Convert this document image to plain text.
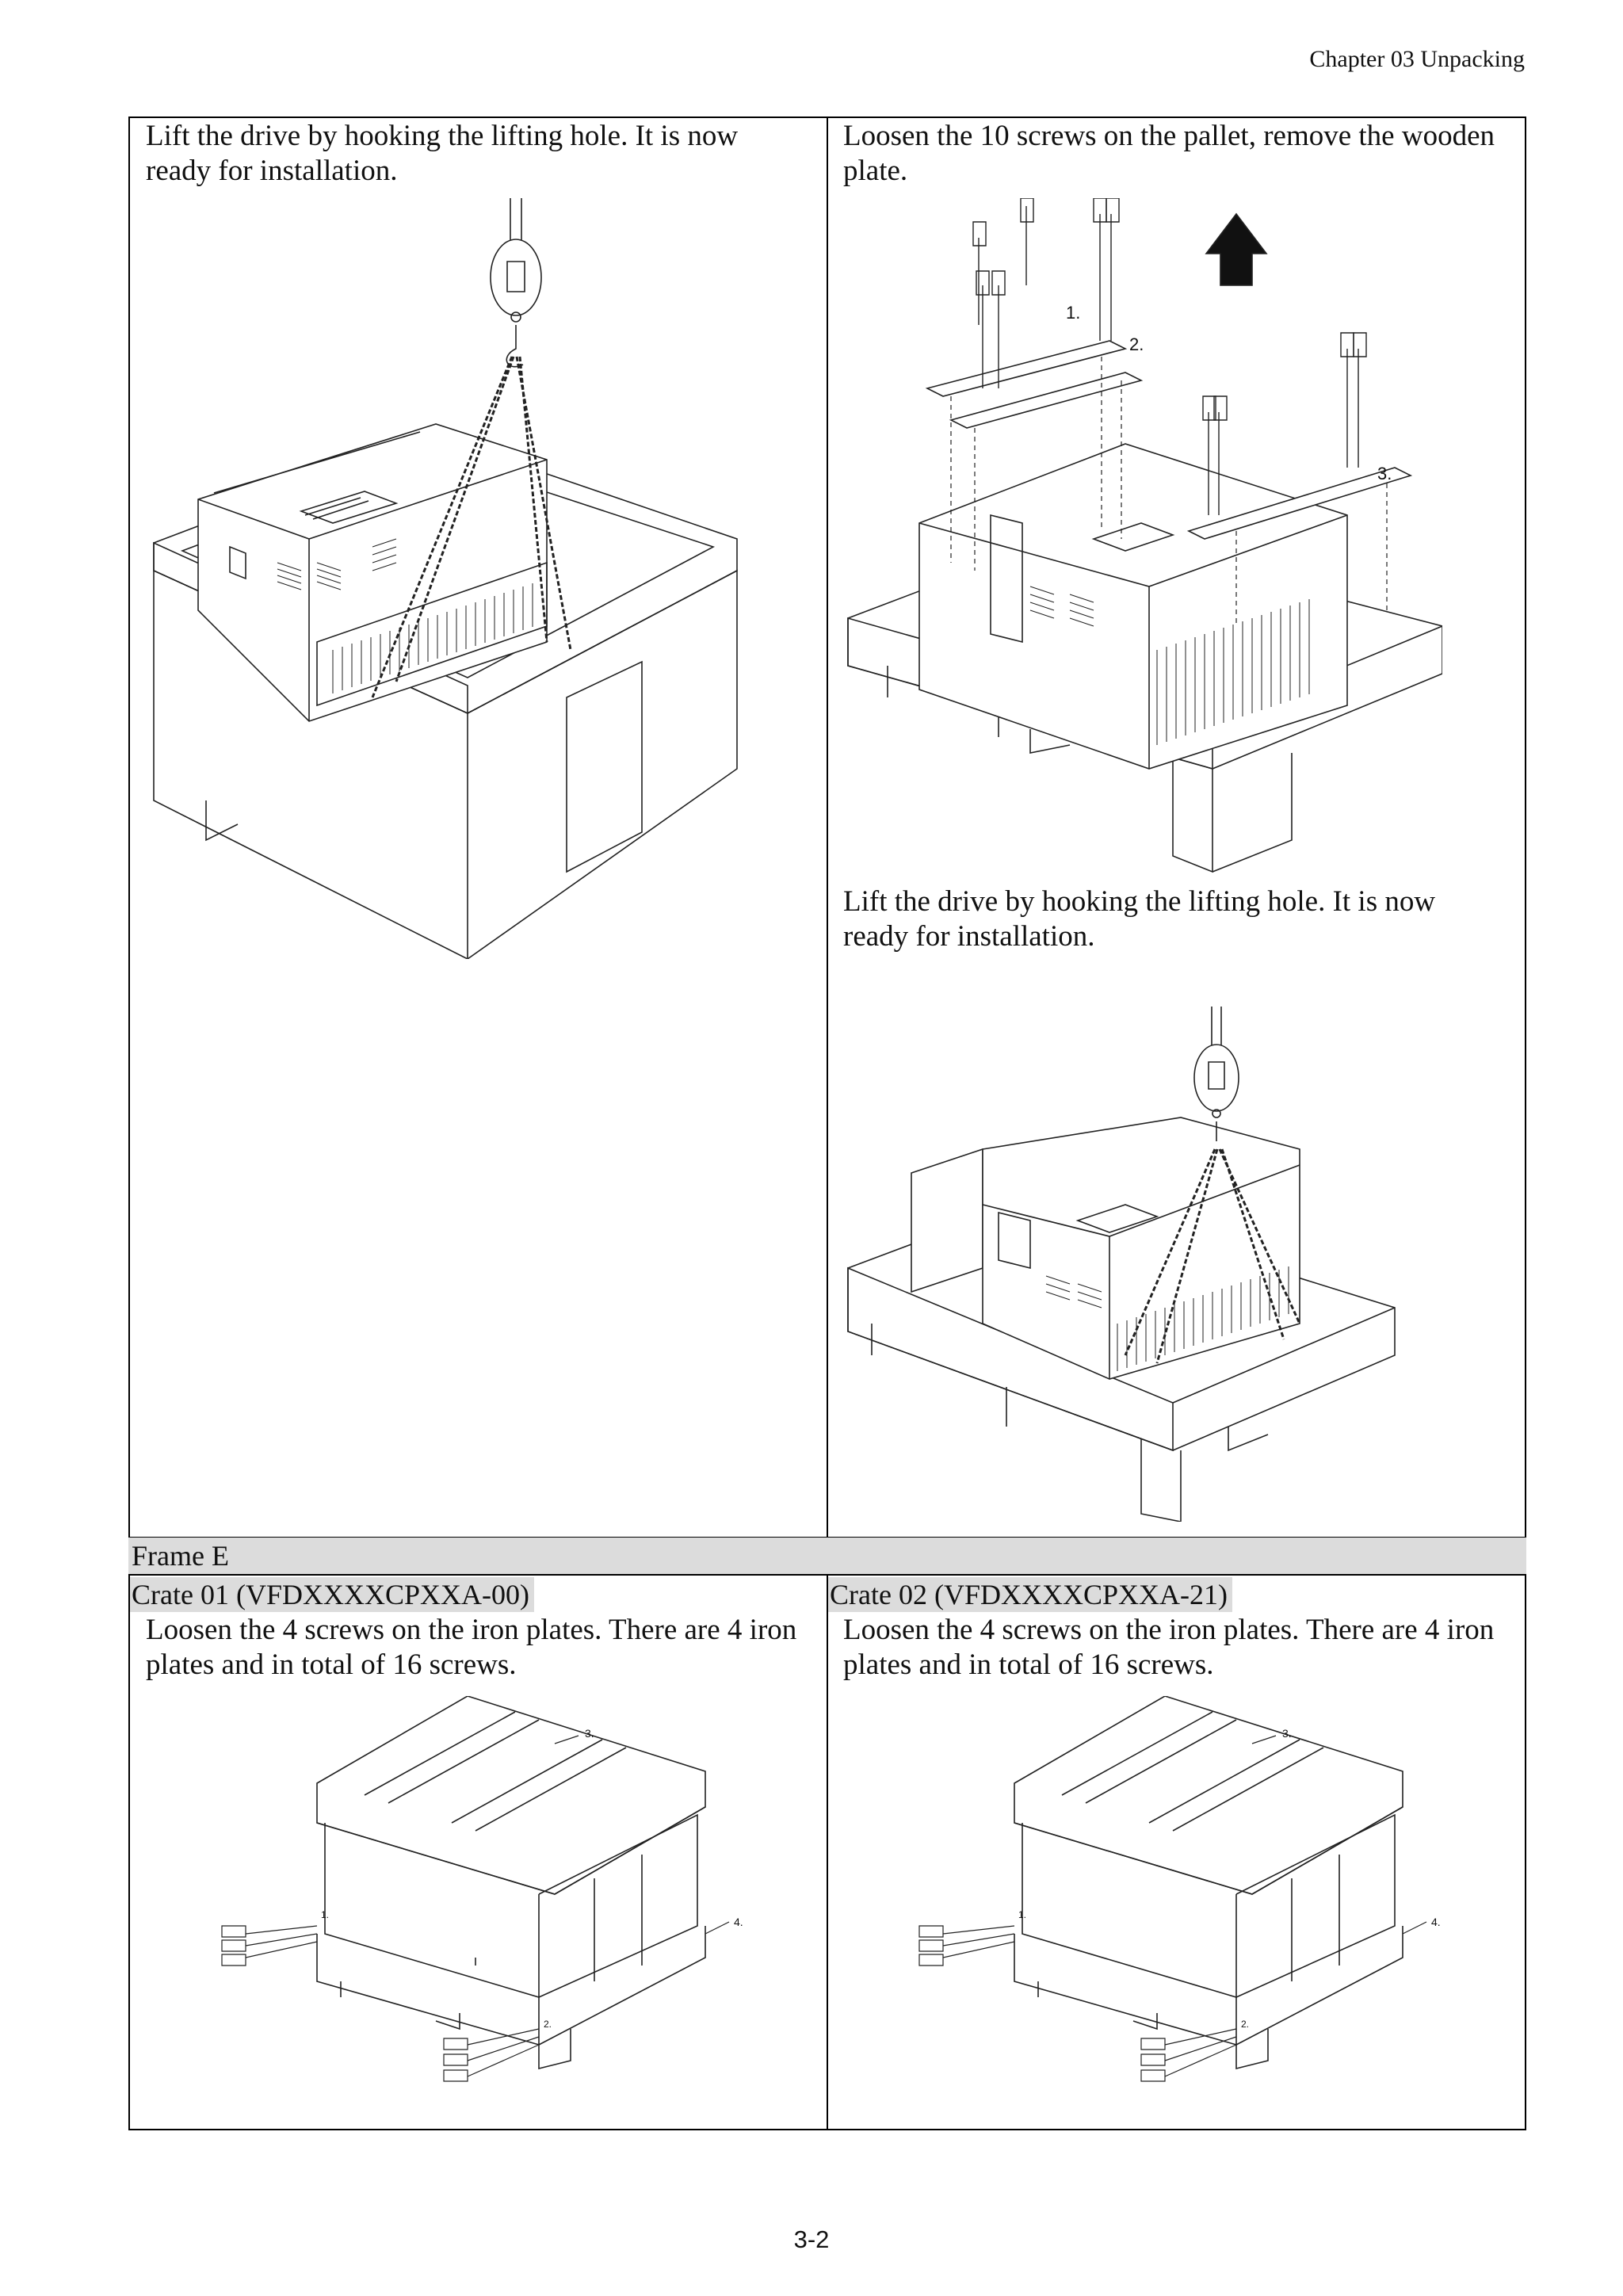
Chapter 03 Unpacking
Lift the drive by hooking the lifting hole. It is now ready for installation.
Loosen the 10 screws on the pallet, remove the wooden plate.
Lift the drive by hooking the lifting hole. It is now ready for installation.
1.
2.
3.
Frame E
Crate 01 (VFDXXXXCPXXA-00)	Crate 02 (VFDXXXXCPXXA-21)
Loosen the 4 screws on the iron plates. There are 4 iron plates and in total of 16 screws.
Loosen the 4 screws on the iron plates. There are 4 iron plates and in total of 16 screws.
3.
4.
1.
2.
3.
4.
1.
2.
3-2
